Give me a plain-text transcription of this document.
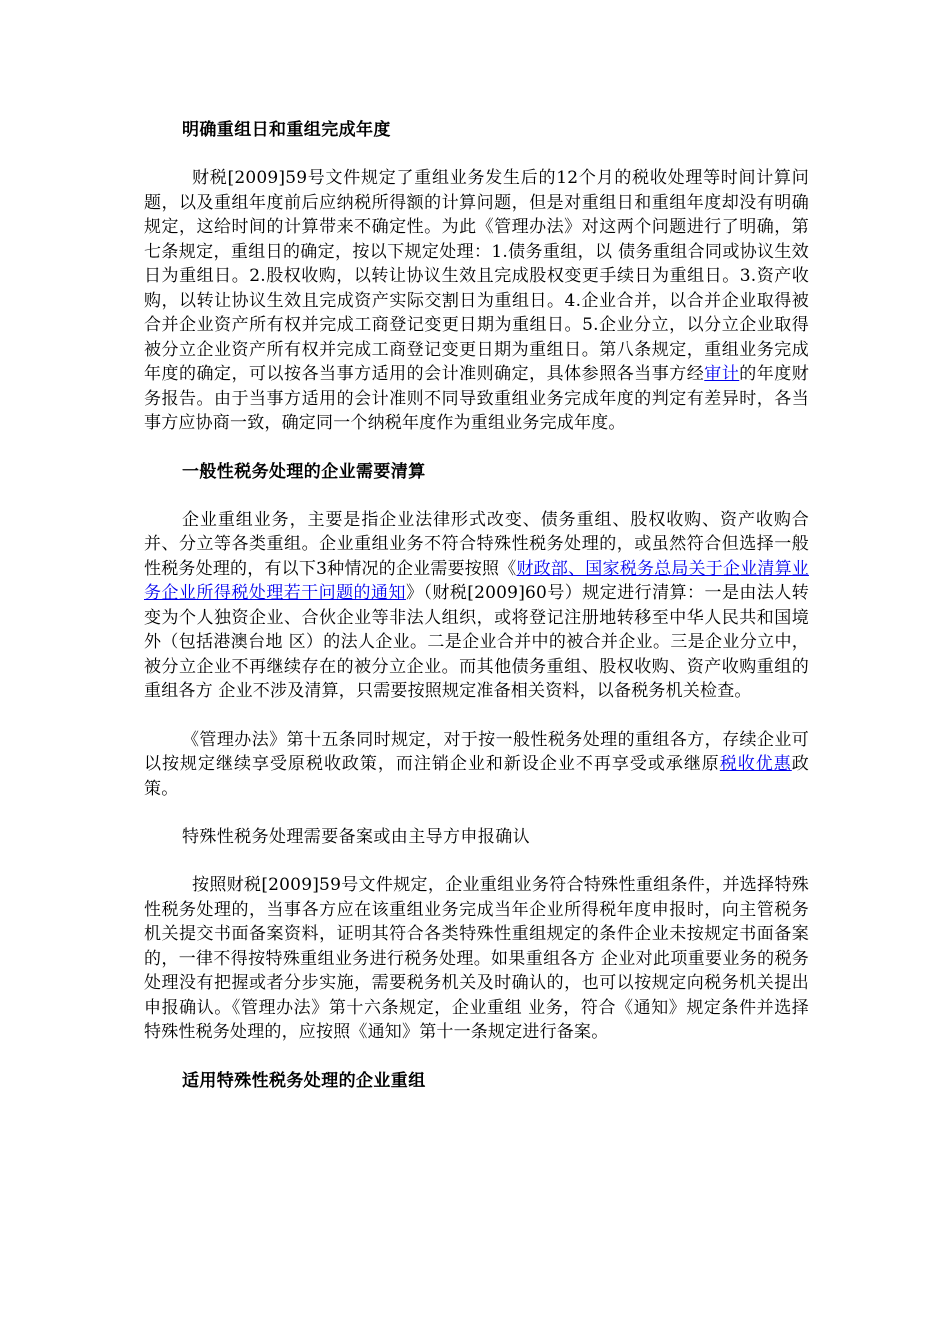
明确重组日和重组完成年度

财税[2009]59号文件规定了重组业务发生后的12个月的税收处理等时间计算问题，以及重组年度前后应纳税所得额的计算问题，但是对重组日和重组年度却没有明确规定，这给时间的计算带来不确定性。为此《管理办法》对这两个问题进行了明确，第七条规定，重组日的确定，按以下规定处理：1.债务重组，以 债务重组合同或协议生效日为重组日。2.股权收购，以转让协议生效且完成股权变更手续日为重组日。3.资产收购，以转让协议生效且完成资产实际交割日为重组日。4.企业合并，以合并企业取得被合并企业资产所有权并完成工商登记变更日期为重组日。5.企业分立，以分立企业取得被分立企业资产所有权并完成工商登记变更日期为重组日。第八条规定，重组业务完成年度的确定，可以按各当事方适用的会计准则确定，具体参照各当事方经审计的年度财务报告。由于当事方适用的会计准则不同导致重组业务完成年度的判定有差异时，各当事方应协商一致，确定同一个纳税年度作为重组业务完成年度。

一般性税务处理的企业需要清算

企业重组业务，主要是指企业法律形式改变、债务重组、股权收购、资产收购合并、分立等各类重组。企业重组业务不符合特殊性税务处理的，或虽然符合但选择一般性税务处理的，有以下3种情况的企业需要按照《财政部、国家税务总局关于企业清算业务企业所得税处理若干问题的通知》（财税[2009]60号）规定进行清算：一是由法人转变为个人独资企业、合伙企业等非法人组织，或将登记注册地转移至中华人民共和国境外（包括港澳台地 区）的法人企业。二是企业合并中的被合并企业。三是企业分立中，被分立企业不再继续存在的被分立企业。而其他债务重组、股权收购、资产收购重组的重组各方 企业不涉及清算，只需要按照规定准备相关资料，以备税务机关检查。

《管理办法》第十五条同时规定，对于按一般性税务处理的重组各方，存续企业可以按规定继续享受原税收政策，而注销企业和新设企业不再享受或承继原税收优惠政策。

特殊性税务处理需要备案或由主导方申报确认

按照财税[2009]59号文件规定，企业重组业务符合特殊性重组条件，并选择特殊性税务处理的，当事各方应在该重组业务完成当年企业所得税年度申报时，向主管税务机关提交书面备案资料，证明其符合各类特殊性重组规定的条件企业未按规定书面备案的，一律不得按特殊重组业务进行税务处理。如果重组各方 企业对此项重要业务的税务处理没有把握或者分步实施，需要税务机关及时确认的，也可以按规定向税务机关提出申报确认。《管理办法》第十六条规定，企业重组 业务，符合《通知》规定条件并选择特殊性税务处理的，应按照《通知》第十一条规定进行备案。

适用特殊性税务处理的企业重组
